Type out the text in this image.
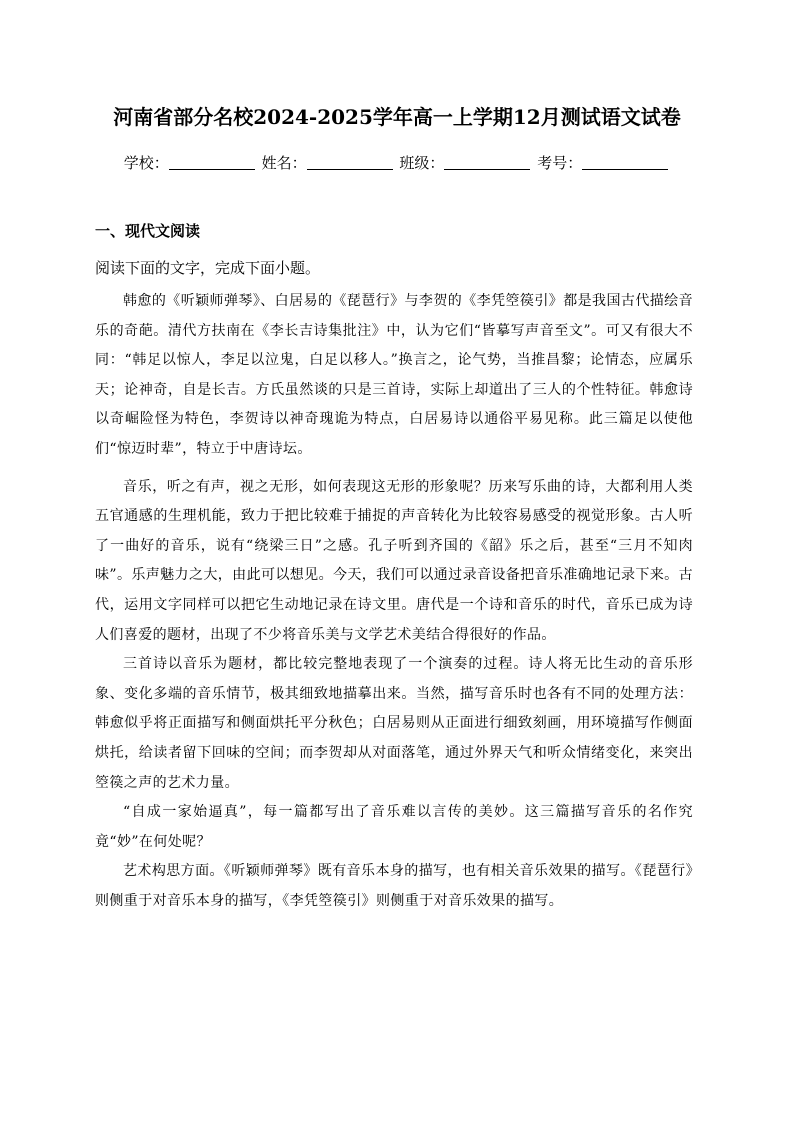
河南省部分名校2024-2025学年高一上学期12月测试语文试卷
学校：	姓名：	班级：	考号：
一、现代文阅读
阅读下面的文字，完成下面小题。

韩愈的《听颖师弹琴》、白居易的《琵琶行》与李贺的《李凭箜篌引》都是我国古代描绘音乐的奇葩。清代方扶南在《李长吉诗集批注》中，认为它们“皆摹写声音至文”。可又有很大不同：“韩足以惊人，李足以泣鬼，白足以移人。”换言之，论气势，当推昌黎；论情态，应属乐天；论神奇，自是长吉。方氏虽然谈的只是三首诗，实际上却道出了三人的个性特征。韩愈诗以奇崛险怪为特色，李贺诗以神奇瑰诡为特点，白居易诗以通俗平易见称。此三篇足以使他们“惊迈时辈”，特立于中唐诗坛。

音乐，听之有声，视之无形，如何表现这无形的形象呢？历来写乐曲的诗，大都利用人类五官通感的生理机能，致力于把比较难于捕捉的声音转化为比较容易感受的视觉形象。古人听了一曲好的音乐，说有“绕梁三日”之感。孔子听到齐国的《韶》乐之后，甚至“三月不知肉味”。乐声魅力之大，由此可以想见。今天，我们可以通过录音设备把音乐准确地记录下来。古代，运用文字同样可以把它生动地记录在诗文里。唐代是一个诗和音乐的时代，音乐已成为诗人们喜爱的题材，出现了不少将音乐美与文学艺术美结合得很好的作品。

三首诗以音乐为题材，都比较完整地表现了一个演奏的过程。诗人将无比生动的音乐形象、变化多端的音乐情节，极其细致地描摹出来。当然，描写音乐时也各有不同的处理方法：韩愈似乎将正面描写和侧面烘托平分秋色；白居易则从正面进行细致刻画，用环境描写作侧面烘托，给读者留下回味的空间；而李贺却从对面落笔，通过外界天气和听众情绪变化，来突出箜篌之声的艺术力量。

“自成一家始逼真”，每一篇都写出了音乐难以言传的美妙。这三篇描写音乐的名作究竟“妙”在何处呢？

艺术构思方面。《听颖师弹琴》既有音乐本身的描写，也有相关音乐效果的描写。《琵琶行》则侧重于对音乐本身的描写，《李凭箜篌引》则侧重于对音乐效果的描写。
